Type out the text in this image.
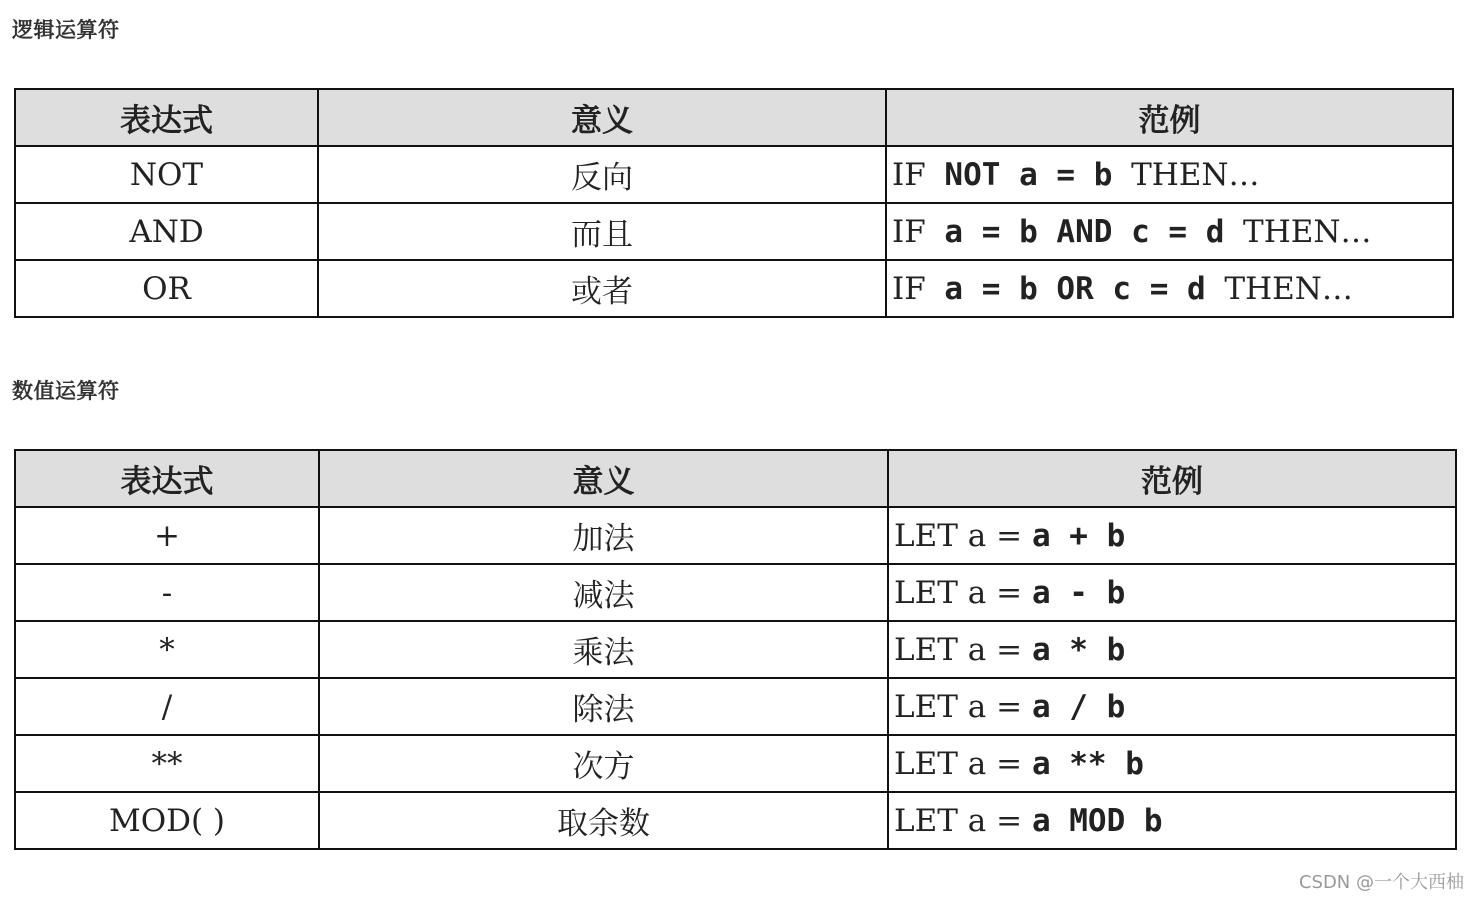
逻辑运算符
表达式	意义	范例
NOT	反向	IF NOT a = b THEN…
AND	而且	IF a = b AND c = d THEN…
OR	或者	IF a = b OR c = d THEN…
数值运算符
表达式	意义	范例
+	加法	LET a = a + b
-	减法	LET a = a - b
*	乘法	LET a = a * b
/	除法	LET a = a / b
**	次方	LET a = a ** b
MOD( )	取余数	LET a = a MOD b
CSDN @一个大西柚
